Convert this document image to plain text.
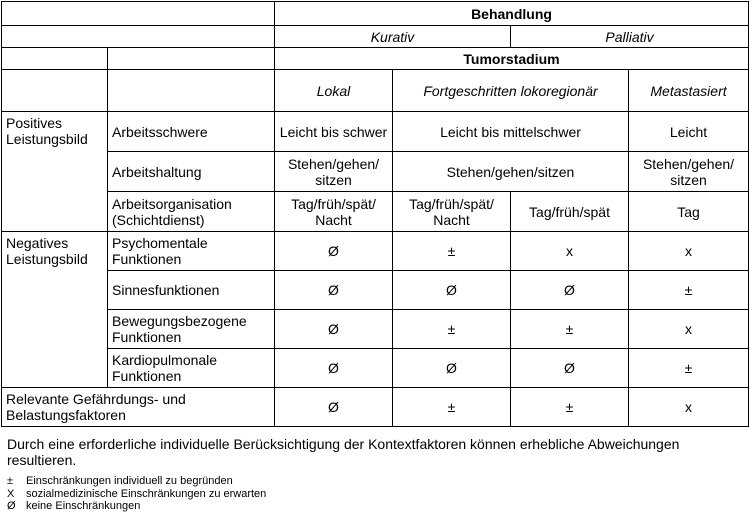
		Behandlung			
		Kurativ		Palliativ	
		Tumorstadium			
		Lokal	Fortgeschritten lokoregionär		Metastasiert
Positives Leistungsbild	Arbeitsschwere	Leicht bis schwer	Leicht bis mittelschwer		Leicht
	Arbeitshaltung	Stehen/gehen/ sitzen	Stehen/gehen/sitzen		Stehen/gehen/ sitzen
	Arbeitsorganisation (Schichtdienst)	Tag/früh/spät/ Nacht	Tag/früh/spät/ Nacht	Tag/früh/spät	Tag
Negatives Leistungsbild	Psychomentale Funktionen	Ø	±	x	x
	Sinnesfunktionen	Ø	Ø	Ø	±
	Bewegungsbezogene Funktionen	Ø	±	±	x
	Kardiopulmonale Funktionen	Ø	Ø	Ø	±
Relevante Gefährdungs- und Belastungsfaktoren		Ø	±	±	x
Durch eine erforderliche individuelle Berücksichtigung der Kontextfaktoren können erhebliche Abweichungen resultieren.
±	Einschränkungen individuell zu begründen
X	sozialmedizinische Einschränkungen zu erwarten
Ø keine Einschränkungen
